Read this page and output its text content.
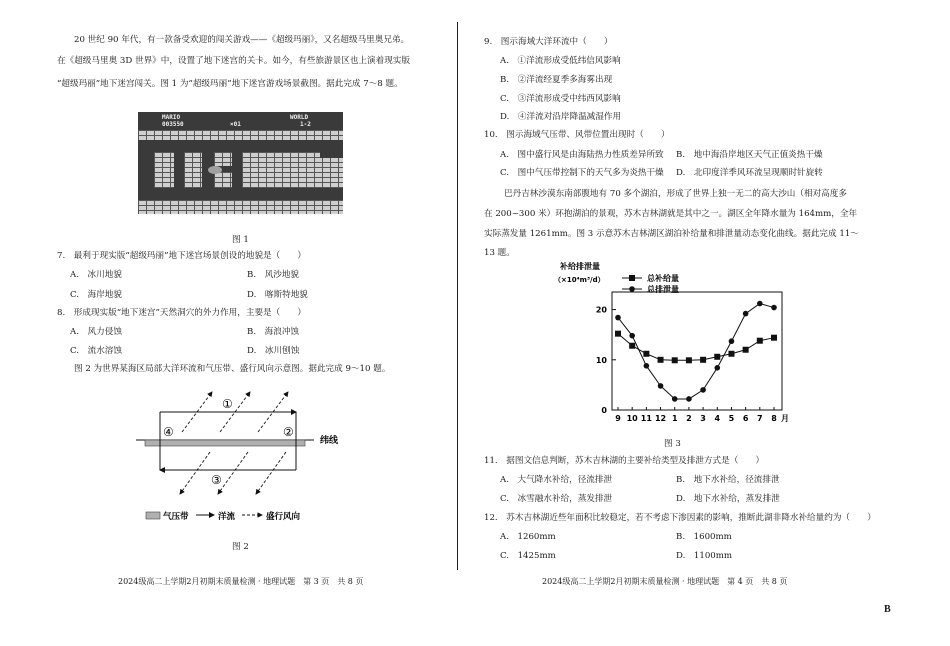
20 世纪 90 年代，有一款备受欢迎的闯关游戏——《超级玛丽》，又名超级马里奥兄弟。
在《超级马里奥 3D 世界》中，设置了地下迷宫的关卡。如今，有些旅游景区也上演着现实版
“超级玛丽”地下迷宫闯关。图 1 为“超级玛丽”地下迷宫游戏场景截图。据此完成 7～8 题。
MARIO
003550	×01
WORLD
1-2
图 1
7.　最利于现实版“超级玛丽”地下迷宫场景创设的地貌是（　　）
A.　冰川地貌	B.　风沙地貌
C.　海岸地貌	D.　喀斯特地貌
8.　形成现实版“地下迷宫”天然洞穴的外力作用，主要是（　　）
A.　风力侵蚀	B.　海浪冲蚀
C.　流水溶蚀	D.　冰川刨蚀
图 2 为世界某海区局部大洋环流和气压带、盛行风向示意图。据此完成 9～10 题。
①
②
③
④
纬线
气压带	洋流	盛行风向
图 2
2024级高二上学期2月初期末质量检测 · 地理试题　第 3 页　共 8 页
9.　图示海域大洋环流中（　　）
A.　①洋流形成受低纬信风影响
B.　②洋流经夏季多海雾出现
C.　③洋流形成受中纬西风影响
D.　④洋流对沿岸降温减湿作用
10.　图示海域气压带、风带位置出现时（　　）
A.　图中盛行风是由海陆热力性质差异所致 B.　地中海沿岸地区天气正值炎热干燥
C.　图中气压带控制下的天气多为炎热干燥 D.　北印度洋季风环流呈现顺时针旋转
巴丹吉林沙漠东南部腹地有 70 多个湖泊，形成了世界上独一无二的高大沙山（相对高度多
在 200~300 米）环抱湖泊的景观，苏木吉林湖就是其中之一。湖区全年降水量为 164mm，全年
实际蒸发量 1261mm。图 3 示意苏木吉林湖区湖泊补给量和排泄量动态变化曲线。据此完成 11～
13 题。
补给排泄量
（×10⁴m³/d）
0
10
20
9 10 11 12 1 2 3 4 5 6 7 8 月
总补给量
总排泄量
图 3
11.　据图文信息判断，苏木吉林湖的主要补给类型及排泄方式是（　　）
A.　大气降水补给，径流排泄	B.　地下水补给，径流排泄
C.　冰雪融水补给，蒸发排泄	D.　地下水补给，蒸发排泄
12.　苏木吉林湖近些年面积比较稳定，若不考虑下渗因素的影响，推断此湖非降水补给量约为（　　）
A.　1260mm	B.　1600mm
C.　1425mm	D.　1100mm
2024级高二上学期2月初期末质量检测 · 地理试题　第 4 页　共 8 页
B
